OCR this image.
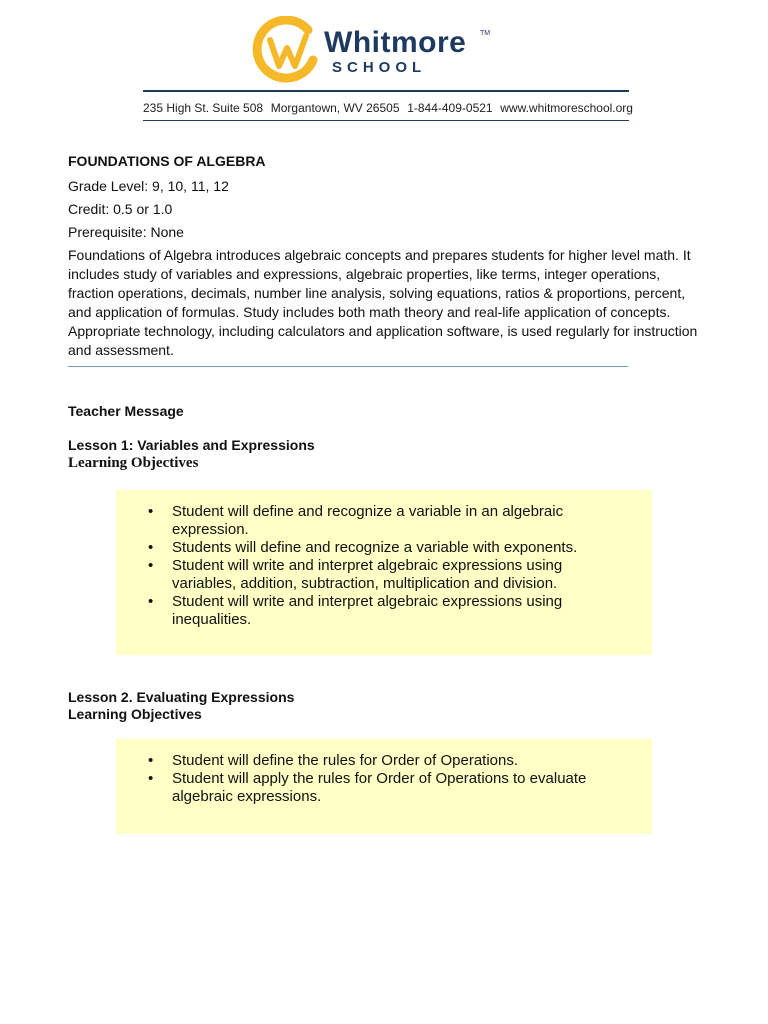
Whitmore TM
SCHOOL
235 High St. Suite 508 Morgantown, WV 26505 1-844-409-0521 www.whitmoreschool.org
FOUNDATIONS OF ALGEBRA
Grade Level: 9, 10, 11, 12
Credit: 0.5 or 1.0
Prerequisite: None
Foundations of Algebra introduces algebraic concepts and prepares students for higher level math. It includes study of variables and expressions, algebraic properties, like terms, integer operations, fraction operations, decimals, number line analysis, solving equations, ratios & proportions, percent, and application of formulas. Study includes both math theory and real-life application of concepts. Appropriate technology, including calculators and application software, is used regularly for instruction and assessment.
Teacher Message
Lesson 1: Variables and Expressions
Learning Objectives
• Student will define and recognize a variable in an algebraic expression.
• Students will define and recognize a variable with exponents.
• Student will write and interpret algebraic expressions using variables, addition, subtraction, multiplication and division.
• Student will write and interpret algebraic expressions using inequalities.
Lesson 2. Evaluating Expressions
Learning Objectives
• Student will define the rules for Order of Operations.
• Student will apply the rules for Order of Operations to evaluate algebraic expressions.
